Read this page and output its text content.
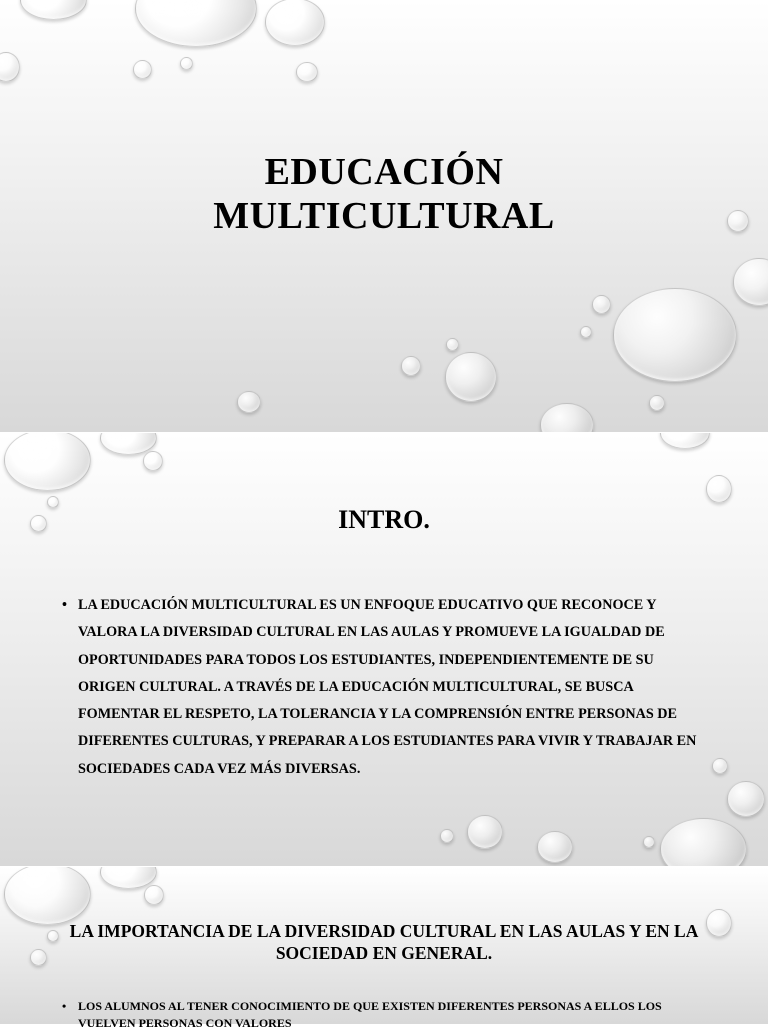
EDUCACIÓN
MULTICULTURAL
INTRO.
• LA EDUCACIÓN MULTICULTURAL ES UN ENFOQUE EDUCATIVO QUE RECONOCE Y VALORA LA DIVERSIDAD CULTURAL EN LAS AULAS Y PROMUEVE LA IGUALDAD DE OPORTUNIDADES PARA TODOS LOS ESTUDIANTES, INDEPENDIENTEMENTE DE SU ORIGEN CULTURAL. A TRAVÉS DE LA EDUCACIÓN MULTICULTURAL, SE BUSCA FOMENTAR EL RESPETO, LA TOLERANCIA Y LA COMPRENSIÓN ENTRE PERSONAS DE DIFERENTES CULTURAS, Y PREPARAR A LOS ESTUDIANTES PARA VIVIR Y TRABAJAR EN SOCIEDADES CADA VEZ MÁS DIVERSAS.
LA IMPORTANCIA DE LA DIVERSIDAD CULTURAL EN LAS AULAS Y EN LA SOCIEDAD EN GENERAL.
• LOS ALUMNOS AL TENER CONOCIMIENTO DE QUE EXISTEN DIFERENTES PERSONAS A ELLOS LOS VUELVEN PERSONAS CON VALORES
